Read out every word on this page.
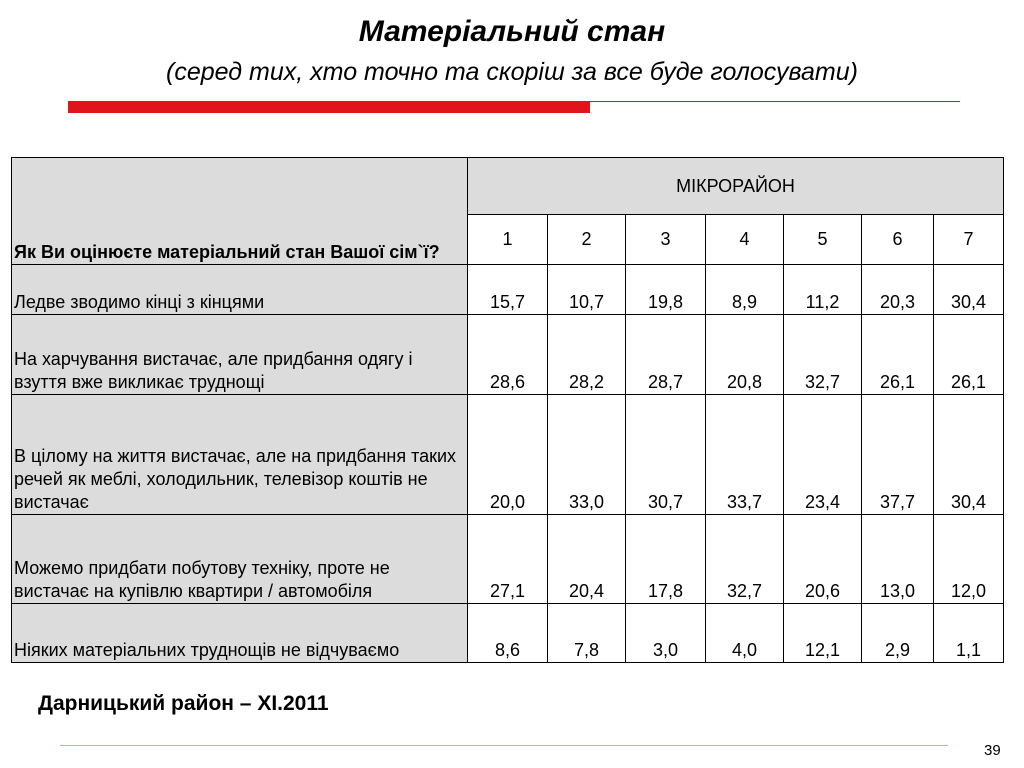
Матеріальний стан
(серед тих, хто точно та скоріш за все буде голосувати)
Як Ви оцінюєте матеріальний стан Вашої сім`ї?	МІКРОРАЙОН						
	1	2	3	4	5	6	7
Ледве зводимо кінці з кінцями	15,7	10,7	19,8	8,9	11,2	20,3	30,4
На харчування вистачає, але придбання одягу і взуття вже викликає труднощі	28,6	28,2	28,7	20,8	32,7	26,1	26,1
В цілому на життя вистачає, але на придбання таких речей як меблі, холодильник, телевізор коштів не вистачає	20,0	33,0	30,7	33,7	23,4	37,7	30,4
Можемо придбати побутову техніку, проте не вистачає на купівлю квартири / автомобіля	27,1	20,4	17,8	32,7	20,6	13,0	12,0
Ніяких матеріальних труднощів не відчуваємо	8,6	7,8	3,0	4,0	12,1	2,9	1,1
Дарницький район – ХІ.2011
39
